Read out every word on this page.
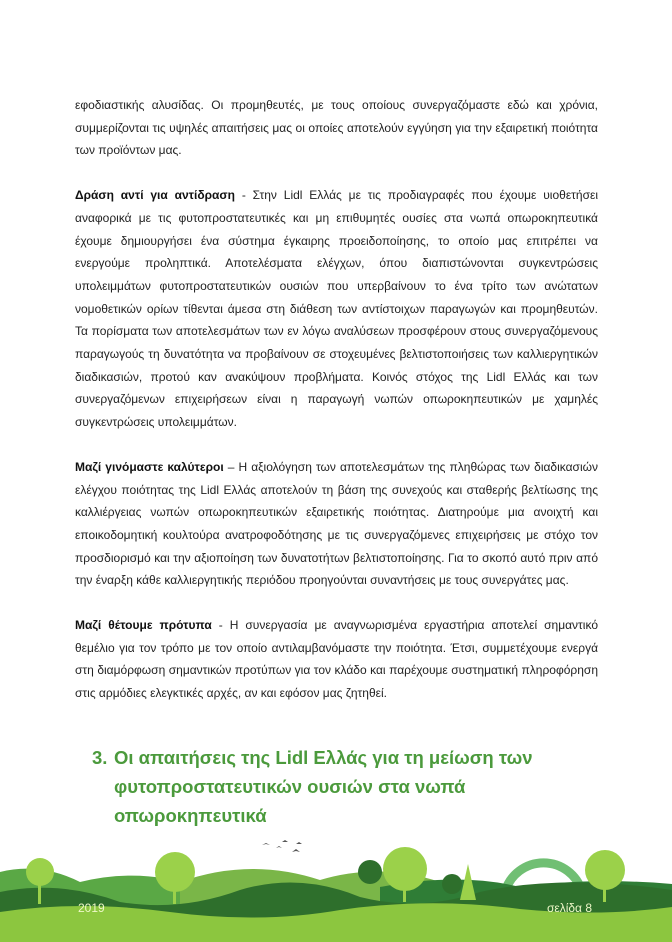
εφοδιαστικής αλυσίδας. Οι προμηθευτές, με τους οποίους συνεργαζόμαστε εδώ και χρόνια, συμμερίζονται τις υψηλές απαιτήσεις μας οι οποίες αποτελούν εγγύηση για την εξαιρετική ποιότητα των προϊόντων μας.
Δράση αντί για αντίδραση - Στην Lidl Ελλάς με τις προδιαγραφές που έχουμε υιοθετήσει αναφορικά με τις φυτοπροστατευτικές και μη επιθυμητές ουσίες στα νωπά οπωροκηπευτικά έχουμε δημιουργήσει ένα σύστημα έγκαιρης προειδοποίησης, το οποίο μας επιτρέπει να ενεργούμε προληπτικά. Αποτελέσματα ελέγχων, όπου διαπιστώνονται συγκεντρώσεις υπολειμμάτων φυτοπροστατευτικών ουσιών που υπερβαίνουν το ένα τρίτο των ανώτατων νομοθετικών ορίων τίθενται άμεσα στη διάθεση των αντίστοιχων παραγωγών και προμηθευτών. Τα πορίσματα των αποτελεσμάτων των εν λόγω αναλύσεων προσφέρουν στους συνεργαζόμενους παραγωγούς τη δυνατότητα να προβαίνουν σε στοχευμένες βελτιστοποιήσεις των καλλιεργητικών διαδικασιών, προτού καν ανακύψουν προβλήματα. Κοινός στόχος της Lidl Ελλάς και των συνεργαζόμενων επιχειρήσεων είναι η παραγωγή νωπών οπωροκηπευτικών με χαμηλές συγκεντρώσεις υπολειμμάτων.
Μαζί γινόμαστε καλύτεροι – Η αξιολόγηση των αποτελεσμάτων της πληθώρας των διαδικασιών ελέγχου ποιότητας της Lidl Ελλάς αποτελούν τη βάση της συνεχούς και σταθερής βελτίωσης της καλλιέργειας νωπών οπωροκηπευτικών εξαιρετικής ποιότητας. Διατηρούμε μια ανοιχτή και εποικοδομητική κουλτούρα ανατροφοδότησης με τις συνεργαζόμενες επιχειρήσεις με στόχο τον προσδιορισμό και την αξιοποίηση των δυνατοτήτων βελτιστοποίησης. Για το σκοπό αυτό πριν από την έναρξη κάθε καλλιεργητικής περιόδου προηγούνται συναντήσεις με τους συνεργάτες μας.
Μαζί θέτουμε πρότυπα - Η συνεργασία με αναγνωρισμένα εργαστήρια αποτελεί σημαντικό θεμέλιο για τον τρόπο με τον οποίο αντιλαμβανόμαστε την ποιότητα. Έτσι, συμμετέχουμε ενεργά στη διαμόρφωση σημαντικών προτύπων για τον κλάδο και παρέχουμε συστηματική πληροφόρηση στις αρμόδιες ελεγκτικές αρχές, αν και εφόσον μας ζητηθεί.
3. Οι απαιτήσεις της Lidl Ελλάς για τη μείωση των
φυτοπροστατευτικών ουσιών στα νωπά
οπωροκηπευτικά
2019	σελίδα 8
